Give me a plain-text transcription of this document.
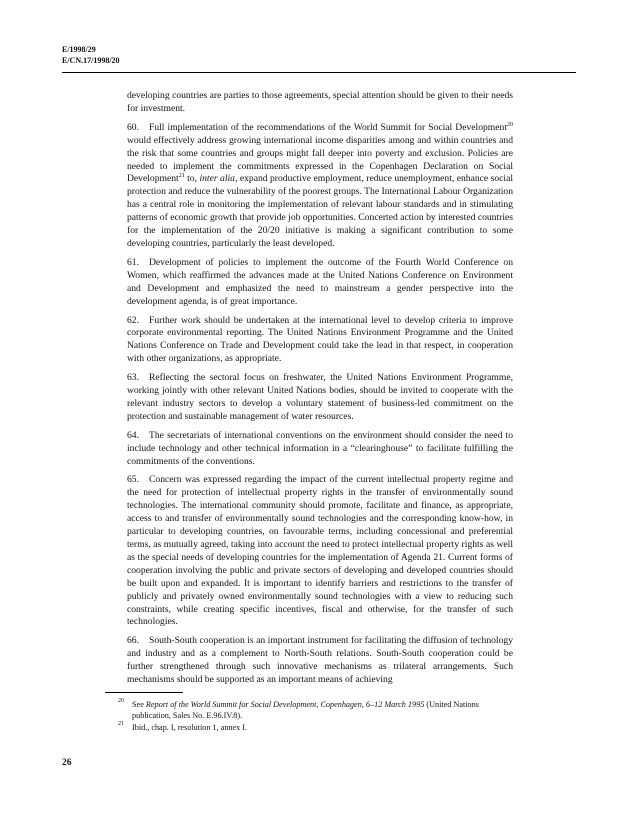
E/1998/29
E/CN.17/1998/20

developing countries are parties to those agreements, special attention should be given to their needs for investment.

60. Full implementation of the recommendations of the World Summit for Social Development$^{20}$ would effectively address growing international income disparities among and within countries and the risk that some countries and groups might fall deeper into poverty and exclusion. Policies are needed to implement the commitments expressed in the Copenhagen Declaration on Social Development$^{21}$ to, inter alia, expand productive employment, reduce unemployment, enhance social protection and reduce the vulnerability of the poorest groups. The International Labour Organization has a central role in monitoring the implementation of relevant labour standards and in stimulating patterns of economic growth that provide job opportunities. Concerted action by interested countries for the implementation of the 20/20 initiative is making a significant contribution to some developing countries, particularly the least developed.

61. Development of policies to implement the outcome of the Fourth World Conference on Women, which reaffirmed the advances made at the United Nations Conference on Environment and Development and emphasized the need to mainstream a gender perspective into the development agenda, is of great importance.

62. Further work should be undertaken at the international level to develop criteria to improve corporate environmental reporting. The United Nations Environment Programme and the United Nations Conference on Trade and Development could take the lead in that respect, in cooperation with other organizations, as appropriate.

63. Reflecting the sectoral focus on freshwater, the United Nations Environment Programme, working jointly with other relevant United Nations bodies, should be invited to cooperate with the relevant industry sectors to develop a voluntary statement of business-led commitment on the protection and sustainable management of water resources.

64. The secretariats of international conventions on the environment should consider the need to include technology and other technical information in a “clearinghouse” to facilitate fulfilling the commitments of the conventions.

65. Concern was expressed regarding the impact of the current intellectual property regime and the need for protection of intellectual property rights in the transfer of environmentally sound technologies. The international community should promote, facilitate and finance, as appropriate, access to and transfer of environmentally sound technologies and the corresponding know-how, in particular to developing countries, on favourable terms, including concessional and preferential terms, as mutually agreed, taking into account the need to protect intellectual property rights as well as the special needs of developing countries for the implementation of Agenda 21. Current forms of cooperation involving the public and private sectors of developing and developed countries should be built upon and expanded. It is important to identify barriers and restrictions to the transfer of publicly and privately owned environmentally sound technologies with a view to reducing such constraints, while creating specific incentives, fiscal and otherwise, for the transfer of such technologies.

66. South-South cooperation is an important instrument for facilitating the diffusion of technology and industry and as a complement to North-South relations. South-South cooperation could be further strengthened through such innovative mechanisms as trilateral arrangements. Such mechanisms should be supported as an important means of achieving

20 See Report of the World Summit for Social Development, Copenhagen, 6–12 March 1995 (United Nations publication, Sales No. E.96.IV.8).
21 Ibid., chap. I, resolution 1, annex I.
26
